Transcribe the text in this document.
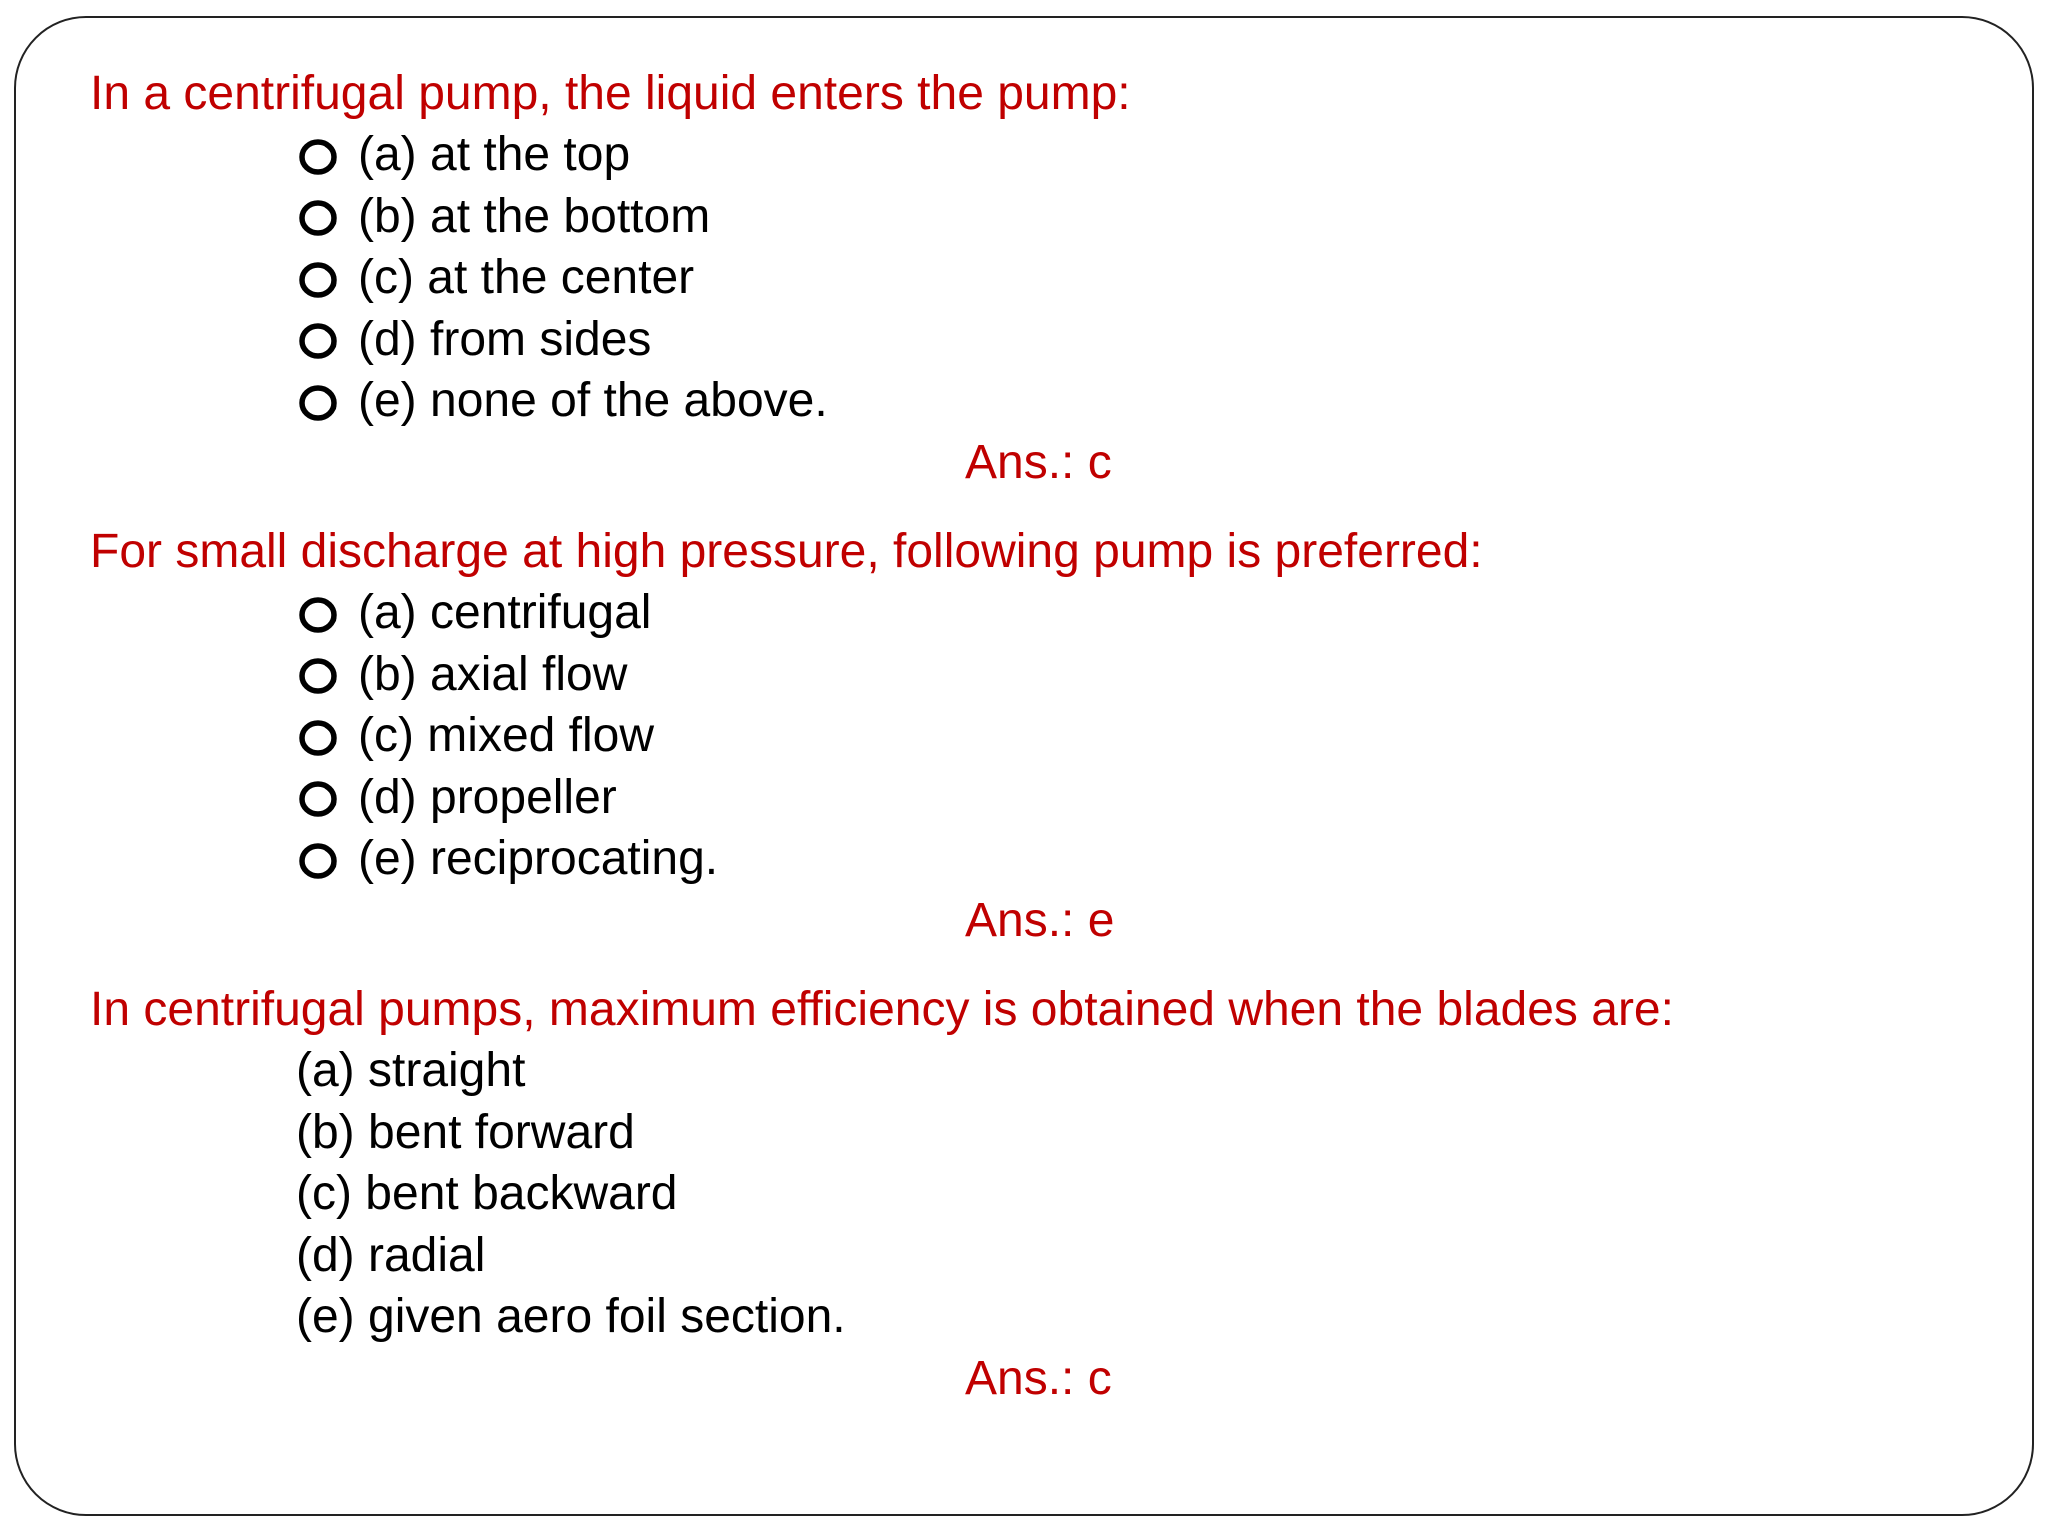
In a centrifugal pump, the liquid enters the pump:
(a) at the top
(b) at the bottom
(c) at the center
(d) from sides
(e) none of the above.
Ans.: c
For small discharge at high pressure, following pump is preferred:
(a) centrifugal
(b) axial flow
(c) mixed flow
(d) propeller
(e) reciprocating.
Ans.: e
In centrifugal pumps, maximum efficiency is obtained when the blades are:
(a) straight
(b) bent forward
(c) bent backward
(d) radial
(e) given aero foil section.
Ans.: c
